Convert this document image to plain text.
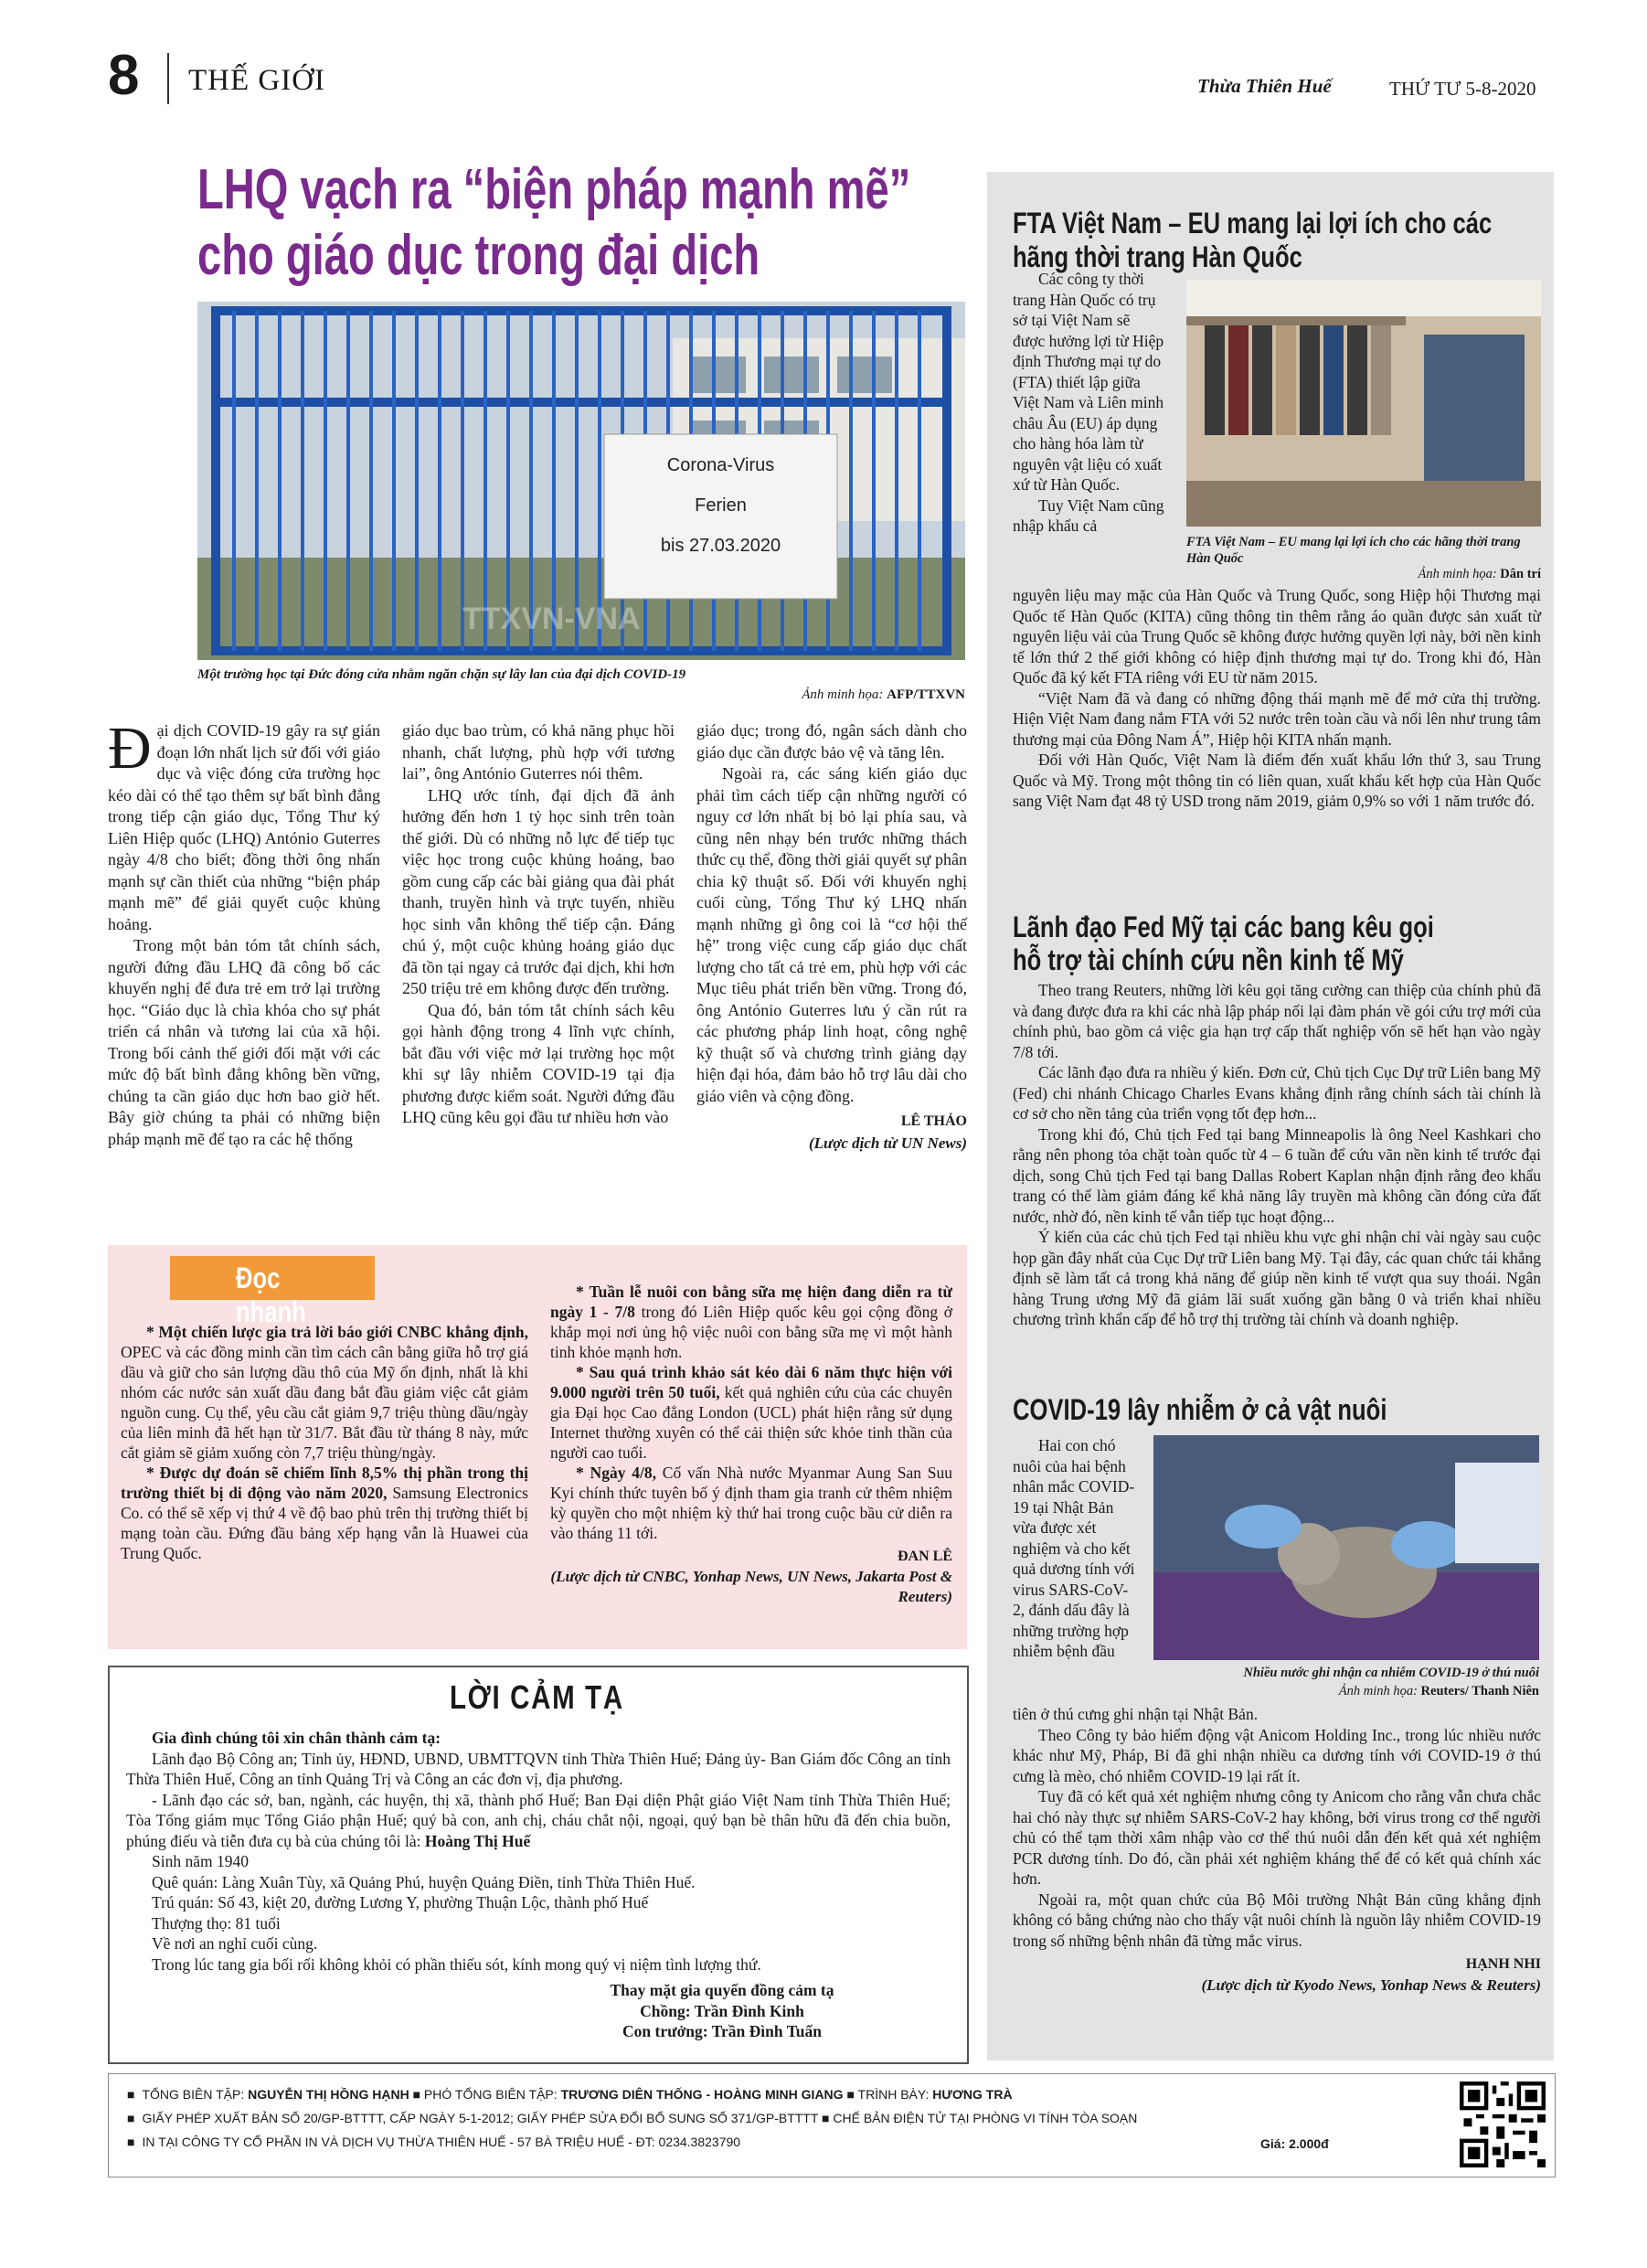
8 THẾ GIỚI	Thừa Thiên Huế	THỨ TƯ 5-8-2020
LHQ vạch ra “biện pháp mạnh mẽ”
cho giáo dục trong đại dịch
Corona-Virus
Ferien
bis 27.03.2020
TTXVN-VNA
Một trường học tại Đức đóng cửa nhằm ngăn chặn sự lây lan của đại dịch COVID-19
Ảnh minh họa: AFP/TTXVN

Đại dịch COVID-19 gây ra sự gián đoạn lớn nhất lịch sử đối với giáo dục và việc đóng cửa trường học kéo dài có thể tạo thêm sự bất bình đẳng trong tiếp cận giáo dục, Tổng Thư ký Liên Hiệp quốc (LHQ) António Guterres ngày 4/8 cho biết; đồng thời ông nhấn mạnh sự cần thiết của những “biện pháp mạnh mẽ” để giải quyết cuộc khủng hoảng.

Trong một bản tóm tắt chính sách, người đứng đầu LHQ đã công bố các khuyến nghị để đưa trẻ em trở lại trường học. “Giáo dục là chìa khóa cho sự phát triển cá nhân và tương lai của xã hội. Trong bối cảnh thế giới đối mặt với các mức độ bất bình đẳng không bền vững, chúng ta cần giáo dục hơn bao giờ hết. Bây giờ chúng ta phải có những biện pháp mạnh mẽ để tạo ra các hệ thống

giáo dục bao trùm, có khả năng phục hồi nhanh, chất lượng, phù hợp với tương lai”, ông António Guterres nói thêm.

LHQ ước tính, đại dịch đã ảnh hưởng đến hơn 1 tỷ học sinh trên toàn thế giới. Dù có những nỗ lực để tiếp tục việc học trong cuộc khủng hoảng, bao gồm cung cấp các bài giảng qua đài phát thanh, truyền hình và trực tuyến, nhiều học sinh vẫn không thể tiếp cận. Đáng chú ý, một cuộc khủng hoảng giáo dục đã tồn tại ngay cả trước đại dịch, khi hơn 250 triệu trẻ em không được đến trường.

Qua đó, bản tóm tắt chính sách kêu gọi hành động trong 4 lĩnh vực chính, bắt đầu với việc mở lại trường học một khi sự lây nhiễm COVID-19 tại địa phương được kiểm soát. Người đứng đầu LHQ cũng kêu gọi đầu tư nhiều hơn vào

giáo dục; trong đó, ngân sách dành cho giáo dục cần được bảo vệ và tăng lên.

Ngoài ra, các sáng kiến giáo dục phải tìm cách tiếp cận những người có nguy cơ lớn nhất bị bỏ lại phía sau, và cũng nên nhạy bén trước những thách thức cụ thể, đồng thời giải quyết sự phân chia kỹ thuật số. Đối với khuyến nghị cuối cùng, Tổng Thư ký LHQ nhấn mạnh những gì ông coi là “cơ hội thế hệ” trong việc cung cấp giáo dục chất lượng cho tất cả trẻ em, phù hợp với các Mục tiêu phát triển bền vững. Trong đó, ông António Guterres lưu ý cần rút ra các phương pháp linh hoạt, công nghệ kỹ thuật số và chương trình giảng dạy hiện đại hóa, đảm bảo hỗ trợ lâu dài cho giáo viên và cộng đồng.

LÊ THẢO

(Lược dịch từ UN News)

Đọc nhanh

* Một chiến lược gia trả lời báo giới CNBC khẳng định, OPEC và các đồng minh cần tìm cách cân bằng giữa hỗ trợ giá dầu và giữ cho sản lượng dầu thô của Mỹ ổn định, nhất là khi nhóm các nước sản xuất dầu đang bắt đầu giảm việc cắt giảm nguồn cung. Cụ thể, yêu cầu cắt giảm 9,7 triệu thùng dầu/ngày của liên minh đã hết hạn từ 31/7. Bắt đầu từ tháng 8 này, mức cắt giảm sẽ giảm xuống còn 7,7 triệu thùng/ngày.

* Được dự đoán sẽ chiếm lĩnh 8,5% thị phần trong thị trường thiết bị di động vào năm 2020, Samsung Electronics Co. có thể sẽ xếp vị thứ 4 về độ bao phủ trên thị trường thiết bị mạng toàn cầu. Đứng đầu bảng xếp hạng vẫn là Huawei của Trung Quốc.

* Tuần lễ nuôi con bằng sữa mẹ hiện đang diễn ra từ ngày 1 - 7/8 trong đó Liên Hiệp quốc kêu gọi cộng đồng ở khắp mọi nơi ủng hộ việc nuôi con bằng sữa mẹ vì một hành tinh khỏe mạnh hơn.

* Sau quá trình khảo sát kéo dài 6 năm thực hiện với 9.000 người trên 50 tuổi, kết quả nghiên cứu của các chuyên gia Đại học Cao đẳng London (UCL) phát hiện rằng sử dụng Internet thường xuyên có thể cải thiện sức khỏe tinh thần của người cao tuổi.

* Ngày 4/8, Cố vấn Nhà nước Myanmar Aung San Suu Kyi chính thức tuyên bố ý định tham gia tranh cử thêm nhiệm kỳ quyền cho một nhiệm kỳ thứ hai trong cuộc bầu cử diễn ra vào tháng 11 tới.

ĐAN LÊ

(Lược dịch từ CNBC, Yonhap News, UN News, Jakarta Post & Reuters)

LỜI CẢM TẠ

Gia đình chúng tôi xin chân thành cảm tạ:

Lãnh đạo Bộ Công an; Tỉnh ủy, HĐND, UBND, UBMTTQVN tỉnh Thừa Thiên Huế; Đảng ủy- Ban Giám đốc Công an tỉnh Thừa Thiên Huế, Công an tỉnh Quảng Trị và Công an các đơn vị, địa phương.

- Lãnh đạo các sở, ban, ngành, các huyện, thị xã, thành phố Huế; Ban Đại diện Phật giáo Việt Nam tỉnh Thừa Thiên Huế; Tòa Tổng giám mục Tổng Giáo phận Huế; quý bà con, anh chị, cháu chắt nội, ngoại, quý bạn bè thân hữu đã đến chia buồn, phúng điếu và tiễn đưa cụ bà của chúng tôi là: Hoàng Thị Huế

Sinh năm 1940

Quê quán: Làng Xuân Tùy, xã Quảng Phú, huyện Quảng Điền, tỉnh Thừa Thiên Huế.

Trú quán: Số 43, kiệt 20, đường Lương Y, phường Thuận Lộc, thành phố Huế

Thượng thọ: 81 tuổi

Về nơi an nghỉ cuối cùng.

Trong lúc tang gia bối rối không khỏi có phần thiếu sót, kính mong quý vị niệm tình lượng thứ.

Thay mặt gia quyến đồng cảm tạ
Chồng: Trần Đình Kinh
Con trưởng: Trần Đình Tuấn
FTA Việt Nam – EU mang lại lợi ích cho các hãng thời trang Hàn Quốc

Các công ty thời trang Hàn Quốc có trụ sở tại Việt Nam sẽ được hưởng lợi từ Hiệp định Thương mại tự do (FTA) thiết lập giữa Việt Nam và Liên minh châu Âu (EU) áp dụng cho hàng hóa làm từ nguyên vật liệu có xuất xứ từ Hàn Quốc.

Tuy Việt Nam cũng nhập khẩu cả

FTA Việt Nam – EU mang lại lợi ích cho các hãng thời trang Hàn Quốc
Ảnh minh họa: Dân trí

nguyên liệu may mặc của Hàn Quốc và Trung Quốc, song Hiệp hội Thương mại Quốc tế Hàn Quốc (KITA) cũng thông tin thêm rằng áo quần được sản xuất từ nguyên liệu vải của Trung Quốc sẽ không được hưởng quyền lợi này, bởi nền kinh tế lớn thứ 2 thế giới không có hiệp định thương mại tự do. Trong khi đó, Hàn Quốc đã ký kết FTA riêng với EU từ năm 2015.

“Việt Nam đã và đang có những động thái mạnh mẽ để mở cửa thị trường. Hiện Việt Nam đang nắm FTA với 52 nước trên toàn cầu và nổi lên như trung tâm thương mại của Đông Nam Á”, Hiệp hội KITA nhấn mạnh.

Đối với Hàn Quốc, Việt Nam là điểm đến xuất khẩu lớn thứ 3, sau Trung Quốc và Mỹ. Trong một thông tin có liên quan, xuất khẩu kết hợp của Hàn Quốc sang Việt Nam đạt 48 tỷ USD trong năm 2019, giảm 0,9% so với 1 năm trước đó.

Lãnh đạo Fed Mỹ tại các bang kêu gọi
hỗ trợ tài chính cứu nền kinh tế Mỹ

Theo trang Reuters, những lời kêu gọi tăng cường can thiệp của chính phủ đã và đang được đưa ra khi các nhà lập pháp nối lại đàm phán về gói cứu trợ mới của chính phủ, bao gồm cả việc gia hạn trợ cấp thất nghiệp vốn sẽ hết hạn vào ngày 7/8 tới.

Các lãnh đạo đưa ra nhiều ý kiến. Đơn cử, Chủ tịch Cục Dự trữ Liên bang Mỹ (Fed) chi nhánh Chicago Charles Evans khẳng định rằng chính sách tài chính là cơ sở cho nền tảng của triển vọng tốt đẹp hơn...

Trong khi đó, Chủ tịch Fed tại bang Minneapolis là ông Neel Kashkari cho rằng nên phong tỏa chặt toàn quốc từ 4 – 6 tuần để cứu vãn nền kinh tế trước đại dịch, song Chủ tịch Fed tại bang Dallas Robert Kaplan nhận định rằng đeo khẩu trang có thể làm giảm đáng kể khả năng lây truyền mà không cần đóng cửa đất nước, nhờ đó, nền kinh tế vẫn tiếp tục hoạt động...

Ý kiến của các chủ tịch Fed tại nhiều khu vực ghi nhận chỉ vài ngày sau cuộc họp gần đây nhất của Cục Dự trữ Liên bang Mỹ. Tại đây, các quan chức tái khẳng định sẽ làm tất cả trong khả năng để giúp nền kinh tế vượt qua suy thoái. Ngân hàng Trung ương Mỹ đã giảm lãi suất xuống gần bằng 0 và triển khai nhiều chương trình khẩn cấp để hỗ trợ thị trường tài chính và doanh nghiệp.

COVID-19 lây nhiễm ở cả vật nuôi

Hai con chó nuôi của hai bệnh nhân mắc COVID-19 tại Nhật Bản vừa được xét nghiệm và cho kết quả dương tính với virus SARS-CoV-2, đánh dấu đây là những trường hợp nhiễm bệnh đầu

Nhiều nước ghi nhận ca nhiễm COVID-19 ở thú nuôi
Ảnh minh họa: Reuters/ Thanh Niên

tiên ở thú cưng ghi nhận tại Nhật Bản.

Theo Công ty bảo hiểm động vật Anicom Holding Inc., trong lúc nhiều nước khác như Mỹ, Pháp, Bỉ đã ghi nhận nhiều ca dương tính với COVID-19 ở thú cưng là mèo, chó nhiễm COVID-19 lại rất ít.

Tuy đã có kết quả xét nghiệm nhưng công ty Anicom cho rằng vẫn chưa chắc hai chó này thực sự nhiễm SARS-CoV-2 hay không, bởi virus trong cơ thể người chủ có thể tạm thời xâm nhập vào cơ thể thú nuôi dẫn đến kết quả xét nghiệm PCR dương tính. Do đó, cần phải xét nghiệm kháng thể để có kết quả chính xác hơn.

Ngoài ra, một quan chức của Bộ Môi trường Nhật Bản cũng khẳng định không có bằng chứng nào cho thấy vật nuôi chính là nguồn lây nhiễm COVID-19 trong số những bệnh nhân đã từng mắc virus.

HẠNH NHI

(Lược dịch từ Kyodo News, Yonhap News & Reuters)

■ TỔNG BIÊN TẬP: NGUYỄN THỊ HỒNG HẠNH ■ PHÓ TỔNG BIÊN TẬP: TRƯƠNG DIÊN THỐNG - HOÀNG MINH GIANG ■ TRÌNH BÀY: HƯƠNG TRÀ
■ GIẤY PHÉP XUẤT BẢN SỐ 20/GP-BTTTT, CẤP NGÀY 5-1-2012; GIẤY PHÉP SỬA ĐỔI BỔ SUNG SỐ 371/GP-BTTTT ■ CHẾ BẢN ĐIỆN TỬ TẠI PHÒNG VI TÍNH TÒA SOẠN
■ IN TẠI CÔNG TY CỔ PHẦN IN VÀ DỊCH VỤ THỪA THIÊN HUẾ - 57 BÀ TRIỆU HUẾ - ĐT: 0234.3823790	Giá: 2.000đ
